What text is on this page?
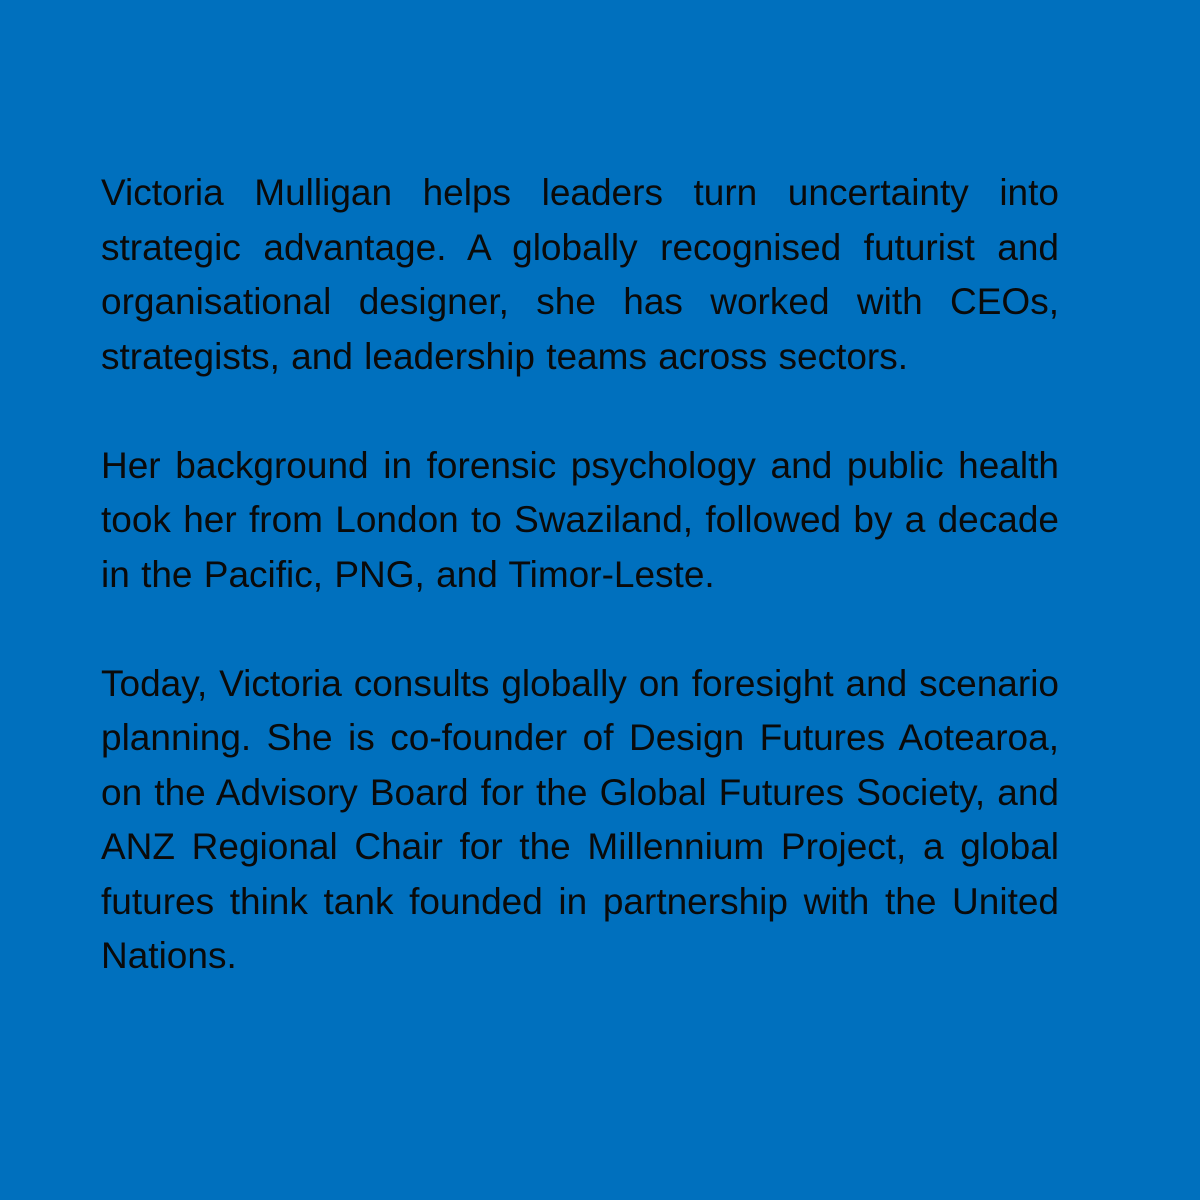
Victoria Mulligan helps leaders turn uncertainty into strategic advantage. A globally recognised futurist and organisational designer, she has worked with CEOs, strategists, and leadership teams across sectors.

Her background in forensic psychology and public health took her from London to Swaziland, followed by a decade in the Pacific, PNG, and Timor-Leste.

Today, Victoria consults globally on foresight and scenario planning. She is co-founder of Design Futures Aotearoa, on the Advisory Board for the Global Futures Society, and ANZ Regional Chair for the Millennium Project, a global futures think tank founded in partnership with the United Nations.
